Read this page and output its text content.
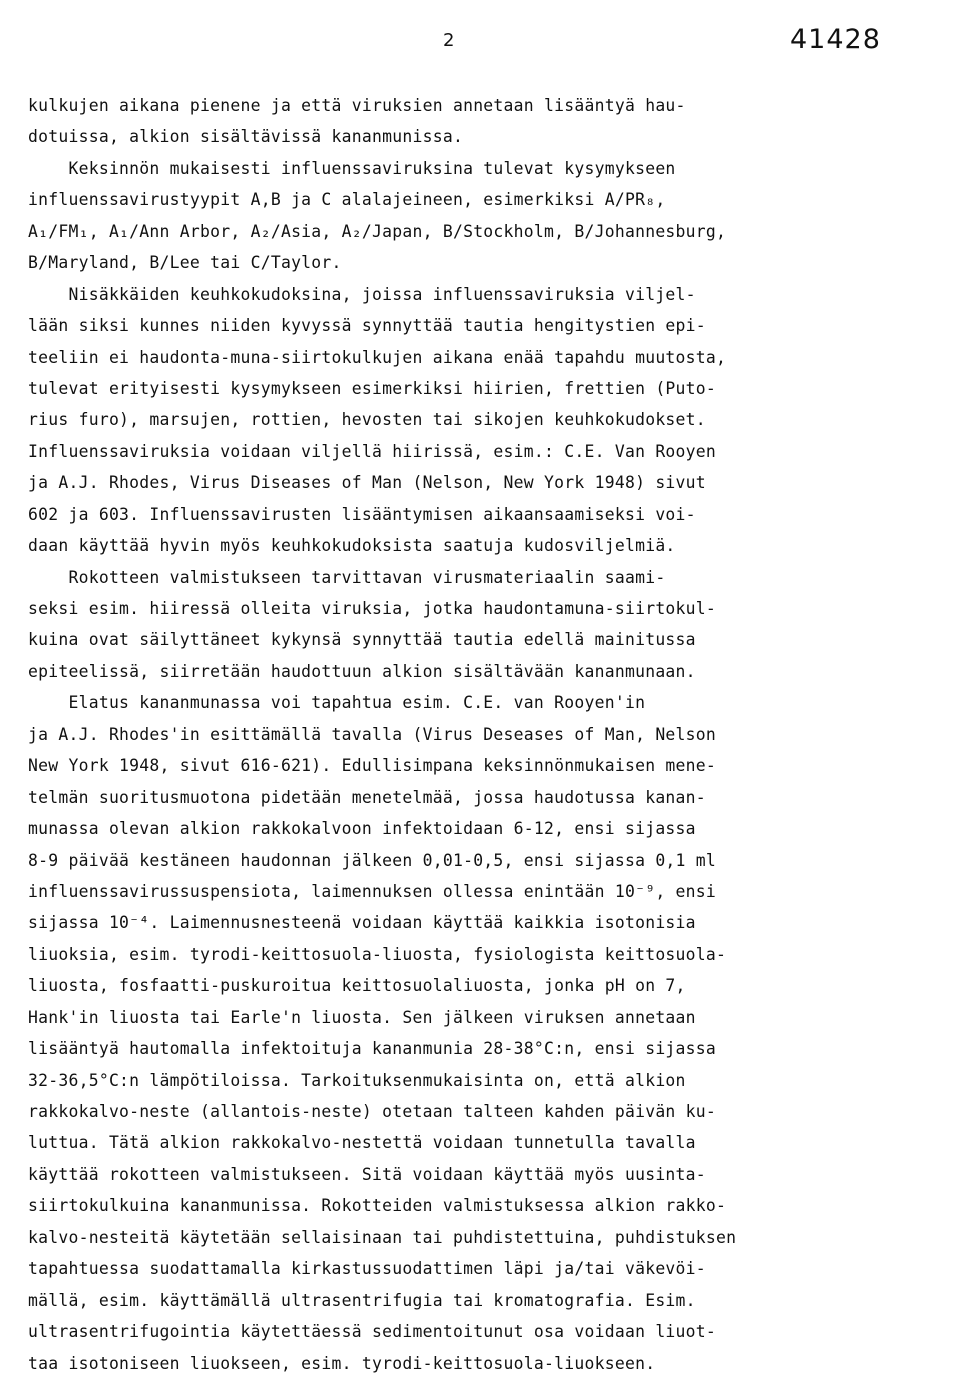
2	41428
kulkujen aikana pienene ja että viruksien annetaan lisääntyä hau-
dotuissa, alkion sisältävissä kananmunissa.
Keksinnön mukaisesti influenssaviruksina tulevat kysymykseen
influenssavirustyypit A,B ja C alalajeineen, esimerkiksi A/PR₈,
A₁/FM₁, A₁/Ann Arbor, A₂/Asia, A₂/Japan, B/Stockholm, B/Johannesburg,
B/Maryland, B/Lee tai C/Taylor.
Nisäkkäiden keuhkokudoksina, joissa influenssaviruksia viljel-
lään siksi kunnes niiden kyvyssä synnyttää tautia hengitystien epi-
teeliin ei haudonta-muna-siirtokulkujen aikana enää tapahdu muutosta,
tulevat erityisesti kysymykseen esimerkiksi hiirien, frettien (Puto-
rius furo), marsujen, rottien, hevosten tai sikojen keuhkokudokset.
Influenssaviruksia voidaan viljellä hiirissä, esim.: C.E. Van Rooyen
ja A.J. Rhodes, Virus Diseases of Man (Nelson, New York 1948) sivut
602 ja 603. Influenssavirusten lisääntymisen aikaansaamiseksi voi-
daan käyttää hyvin myös keuhkokudoksista saatuja kudosviljelmiä.
Rokotteen valmistukseen tarvittavan virusmateriaalin saami-
seksi esim. hiiressä olleita viruksia, jotka haudontamuna-siirtokul-
kuina ovat säilyttäneet kykynsä synnyttää tautia edellä mainitussa
epiteelissä, siirretään haudottuun alkion sisältävään kananmunaan.
Elatus kananmunassa voi tapahtua esim. C.E. van Rooyen'in
ja A.J. Rhodes'in esittämällä tavalla (Virus Deseases of Man, Nelson
New York 1948, sivut 616-621). Edullisimpana keksinnönmukaisen mene-
telmän suoritusmuotona pidetään menetelmää, jossa haudotussa kanan-
munassa olevan alkion rakkokalvoon infektoidaan 6-12, ensi sijassa
8-9 päivää kestäneen haudonnan jälkeen 0,01-0,5, ensi sijassa 0,1 ml
influenssavirussuspensiota, laimennuksen ollessa enintään 10⁻⁹, ensi
sijassa 10⁻⁴. Laimennusnesteenä voidaan käyttää kaikkia isotonisia
liuoksia, esim. tyrodi-keittosuola-liuosta, fysiologista keittosuola-
liuosta, fosfaatti-puskuroitua keittosuolaliuosta, jonka pH on 7,
Hank'in liuosta tai Earle'n liuosta. Sen jälkeen viruksen annetaan
lisääntyä hautomalla infektoituja kananmunia 28-38°C:n, ensi sijassa
32-36,5°C:n lämpötiloissa. Tarkoituksenmukaisinta on, että alkion
rakkokalvo-neste (allantois-neste) otetaan talteen kahden päivän ku-
luttua. Tätä alkion rakkokalvo-nestettä voidaan tunnetulla tavalla
käyttää rokotteen valmistukseen. Sitä voidaan käyttää myös uusinta-
siirtokulkuina kananmunissa. Rokotteiden valmistuksessa alkion rakko-
kalvo-nesteitä käytetään sellaisinaan tai puhdistettuina, puhdistuksen
tapahtuessa suodattamalla kirkastussuodattimen läpi ja/tai väkevöi-
mällä, esim. käyttämällä ultrasentrifugia tai kromatografia. Esim.
ultrasentrifugointia käytettäessä sedimentoitunut osa voidaan liuot-
taa isotoniseen liuokseen, esim. tyrodi-keittosuola-liuokseen.
